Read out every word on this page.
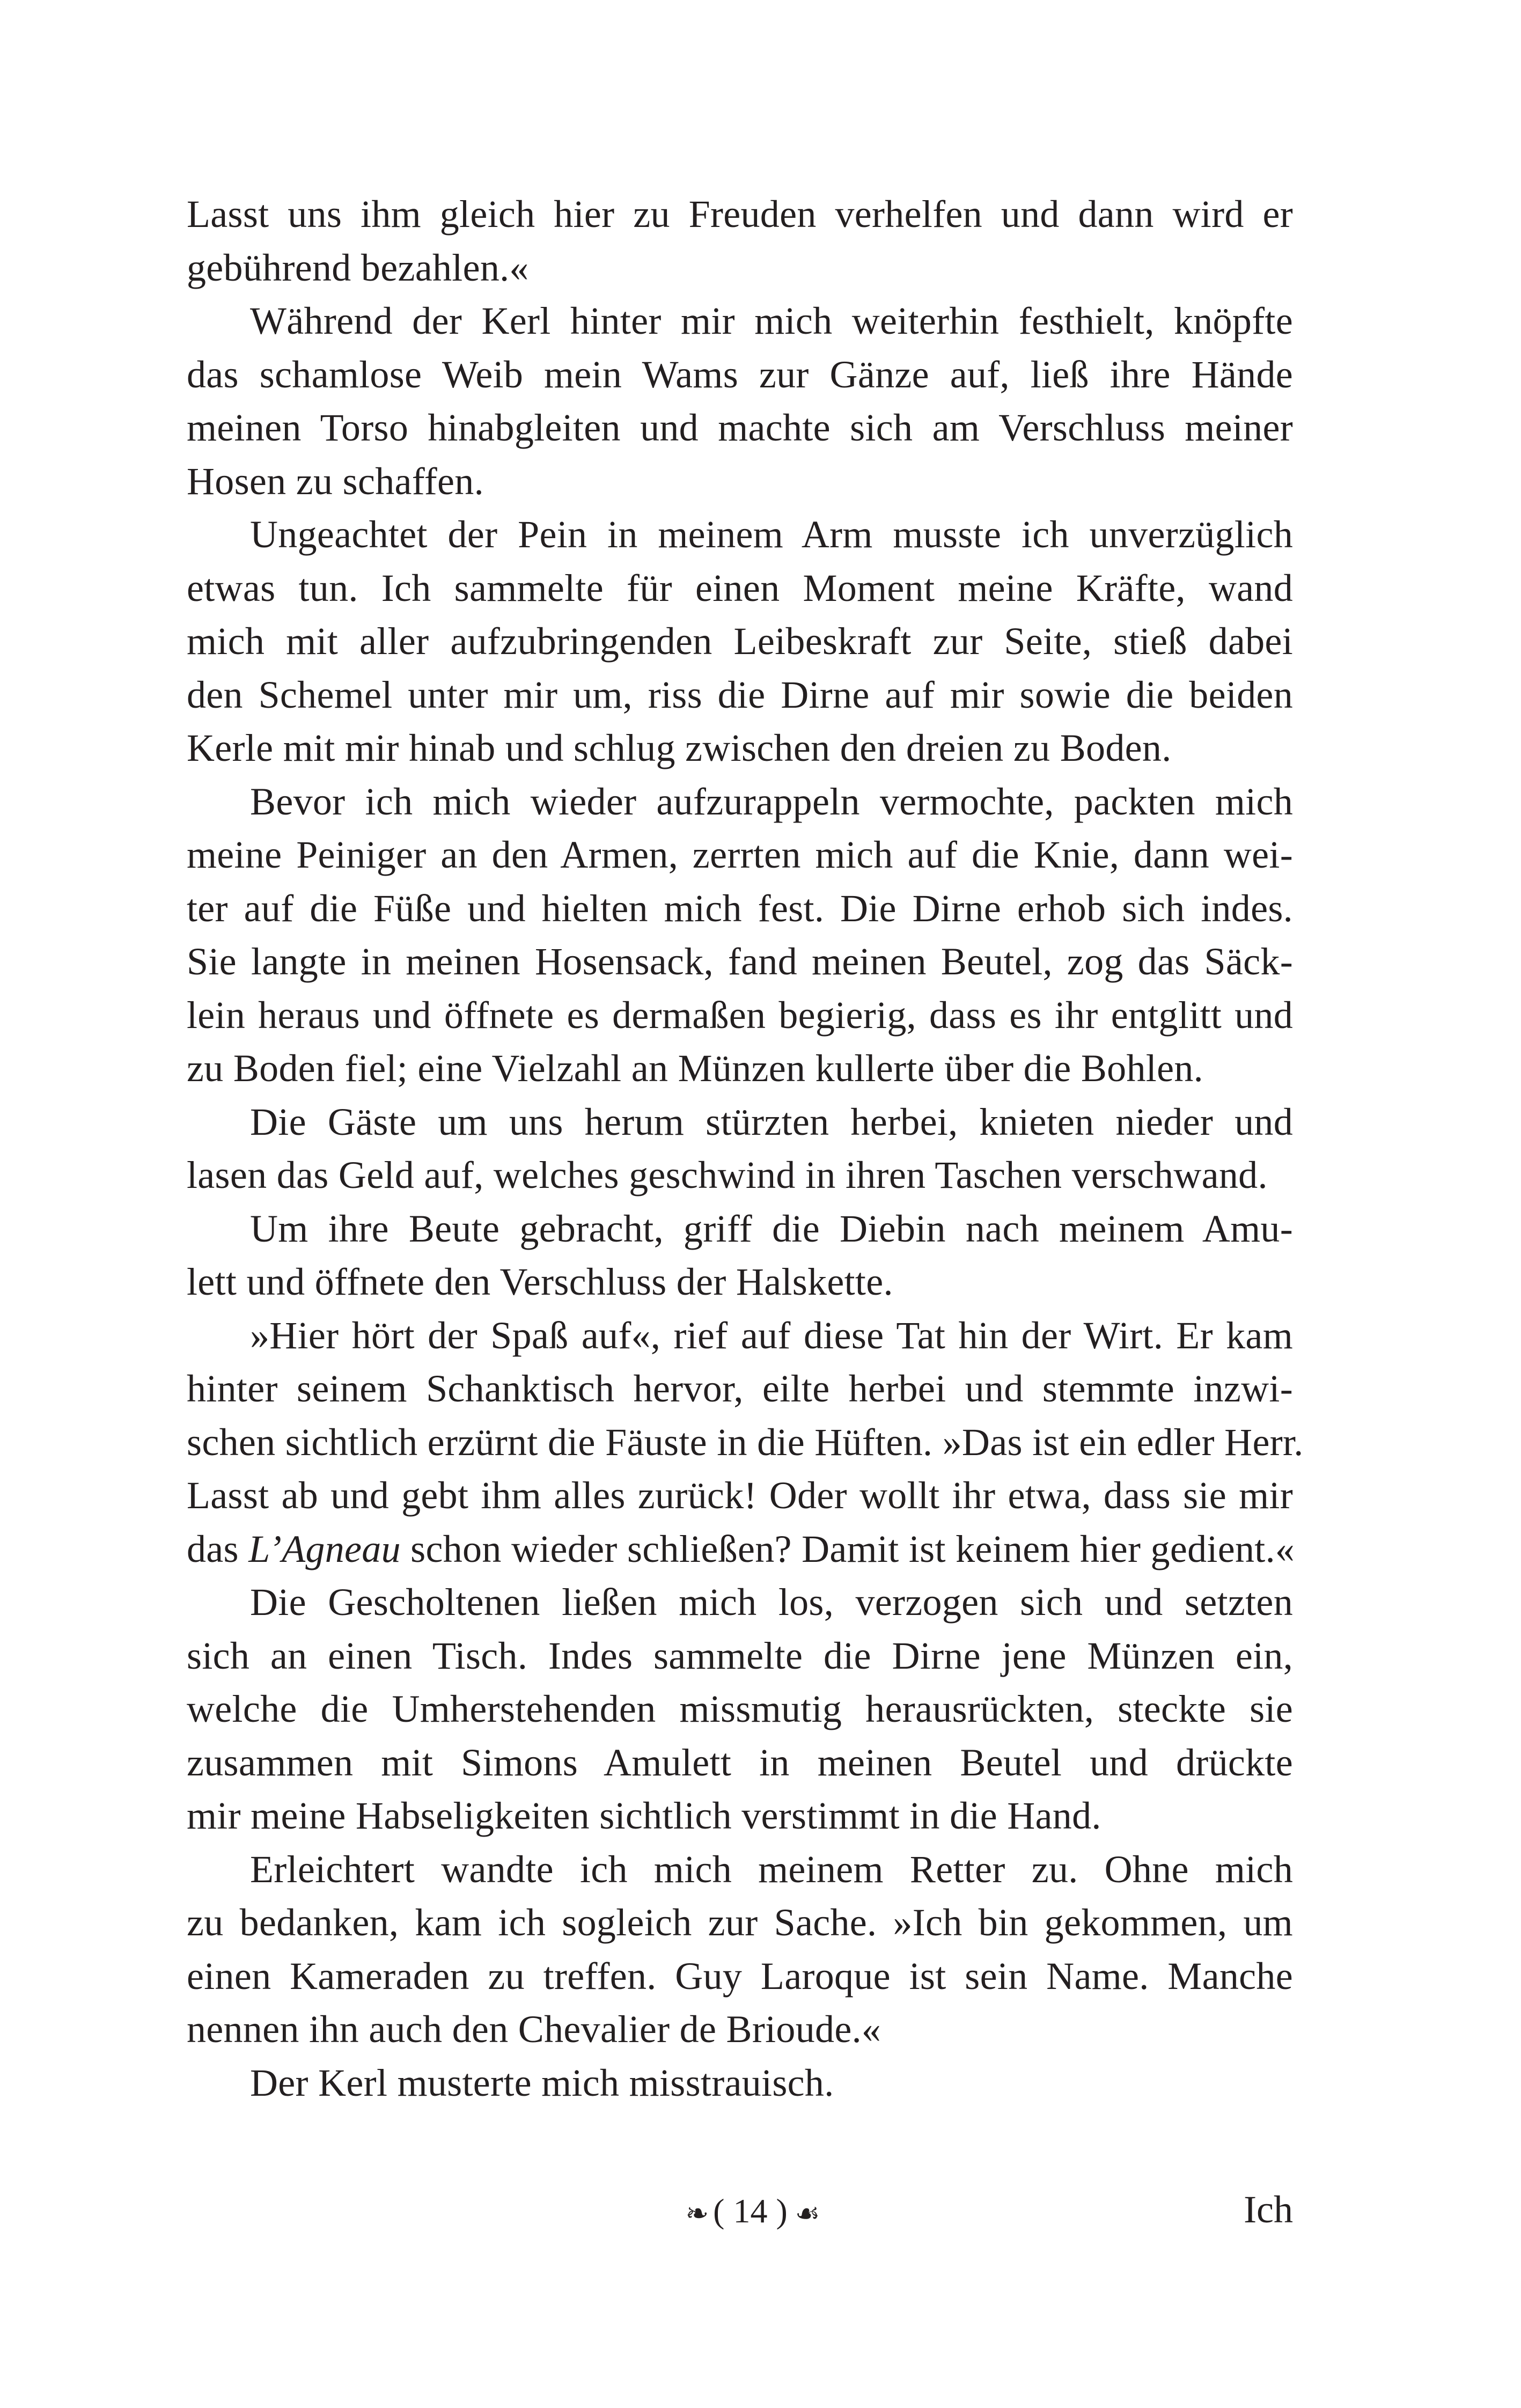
Lasst uns ihm gleich hier zu Freuden verhelfen und dann wird er
gebührend bezahlen.«
Während der Kerl hinter mir mich weiterhin festhielt, knöpfte
das schamlose Weib mein Wams zur Gänze auf, ließ ihre Hände
meinen Torso hinabgleiten und machte sich am Verschluss meiner
Hosen zu schaffen.
Ungeachtet der Pein in meinem Arm musste ich unverzüglich
etwas tun. Ich sammelte für einen Moment meine Kräfte, wand
mich mit aller aufzubringenden Leibeskraft zur Seite, stieß dabei
den Schemel unter mir um, riss die Dirne auf mir sowie die beiden
Kerle mit mir hinab und schlug zwischen den dreien zu Boden.
Bevor ich mich wieder aufzurappeln vermochte, packten mich
meine Peiniger an den Armen, zerrten mich auf die Knie, dann wei-
ter auf die Füße und hielten mich fest. Die Dirne erhob sich indes.
Sie langte in meinen Hosensack, fand meinen Beutel, zog das Säck-
lein heraus und öffnete es dermaßen begierig, dass es ihr entglitt und
zu Boden fiel; eine Vielzahl an Münzen kullerte über die Bohlen.
Die Gäste um uns herum stürzten herbei, knieten nieder und
lasen das Geld auf, welches geschwind in ihren Taschen verschwand.
Um ihre Beute gebracht, griff die Diebin nach meinem Amu-
lett und öffnete den Verschluss der Halskette.
»Hier hört der Spaß auf«, rief auf diese Tat hin der Wirt. Er kam
hinter seinem Schanktisch hervor, eilte herbei und stemmte inzwi-
schen sichtlich erzürnt die Fäuste in die Hüften. »Das ist ein edler Herr.
Lasst ab und gebt ihm alles zurück! Oder wollt ihr etwa, dass sie mir
das L’Agneau schon wieder schließen? Damit ist keinem hier gedient.«
Die Gescholtenen ließen mich los, verzogen sich und setzten
sich an einen Tisch. Indes sammelte die Dirne jene Münzen ein,
welche die Umherstehenden missmutig herausrückten, steckte sie
zusammen mit Simons Amulett in meinen Beutel und drückte
mir meine Habseligkeiten sichtlich verstimmt in die Hand.
Erleichtert wandte ich mich meinem Retter zu. Ohne mich
zu bedanken, kam ich sogleich zur Sache. »Ich bin gekommen, um
einen Kameraden zu treffen. Guy Laroque ist sein Name. Manche
nennen ihn auch den Chevalier de Brioude.«
Der Kerl musterte mich misstrauisch.
❧ ( 14 ) ☙	Ich
